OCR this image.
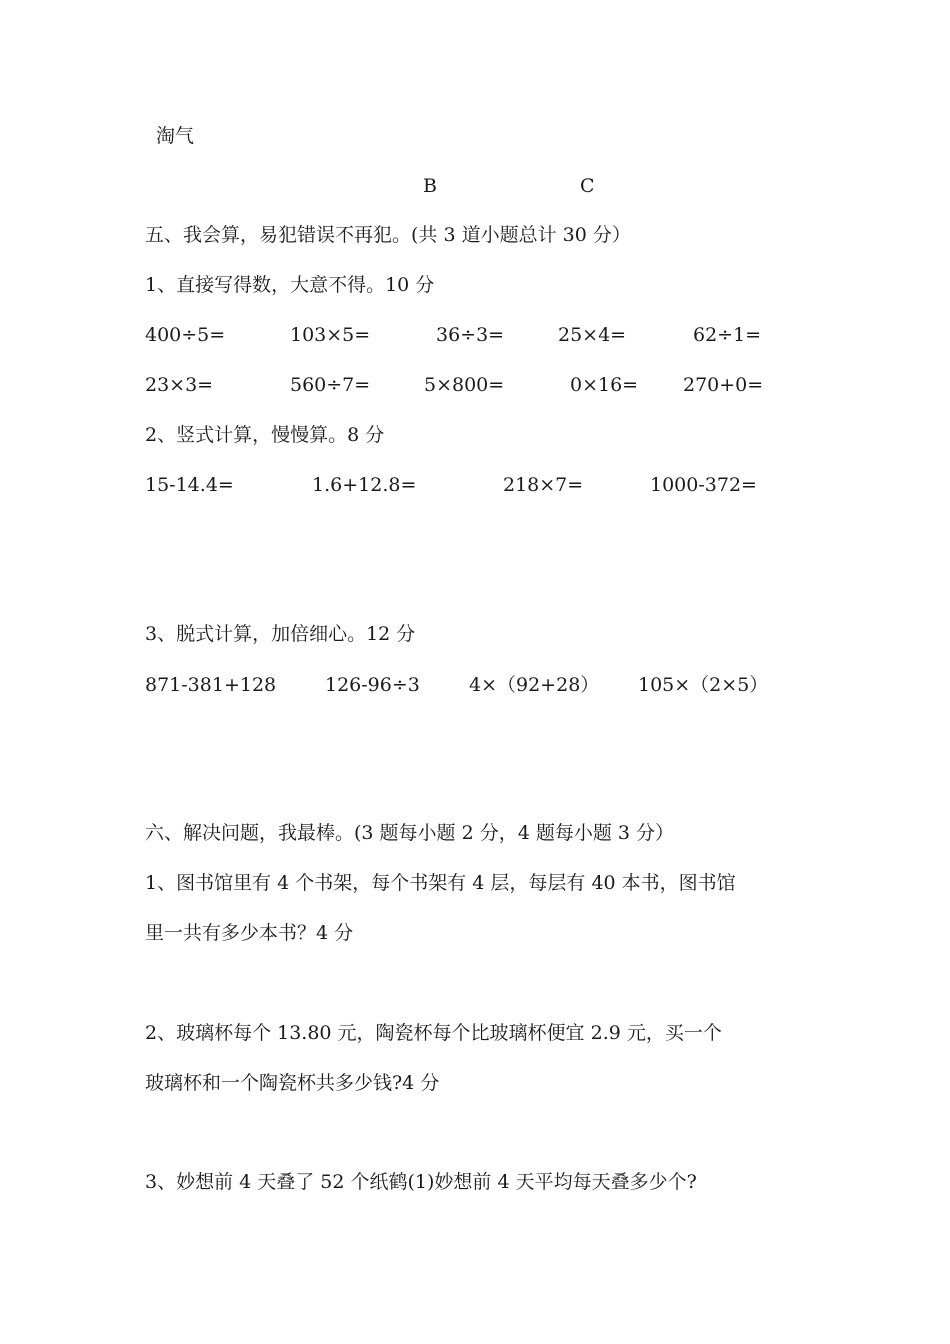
淘气
B	C
五、我会算，易犯错误不再犯。(共 3 道小题总计 30 分）
1、直接写得数，大意不得。10 分
400÷5=	103×5=	36÷3=	25×4=	62÷1=
23×3=	560÷7=	5×800=	0×16= 270+0=
2、竖式计算，慢慢算。8 分
15-14.4=	1.6+12.8=	218×7=	1000-372=
3、脱式计算，加倍细心。12 分
871-381+128	126-96÷3	4×（92+28） 105×（2×5）
六、解决问题，我最棒。(3 题每小题 2 分，4 题每小题 3 分）
1、图书馆里有 4 个书架，每个书架有 4 层，每层有 40 本书，图书馆
里一共有多少本书？4 分
2、玻璃杯每个 13.80 元，陶瓷杯每个比玻璃杯便宜 2.9 元，买一个
玻璃杯和一个陶瓷杯共多少钱?4 分
3、妙想前 4 天叠了 52 个纸鹤(1)妙想前 4 天平均每天叠多少个?
